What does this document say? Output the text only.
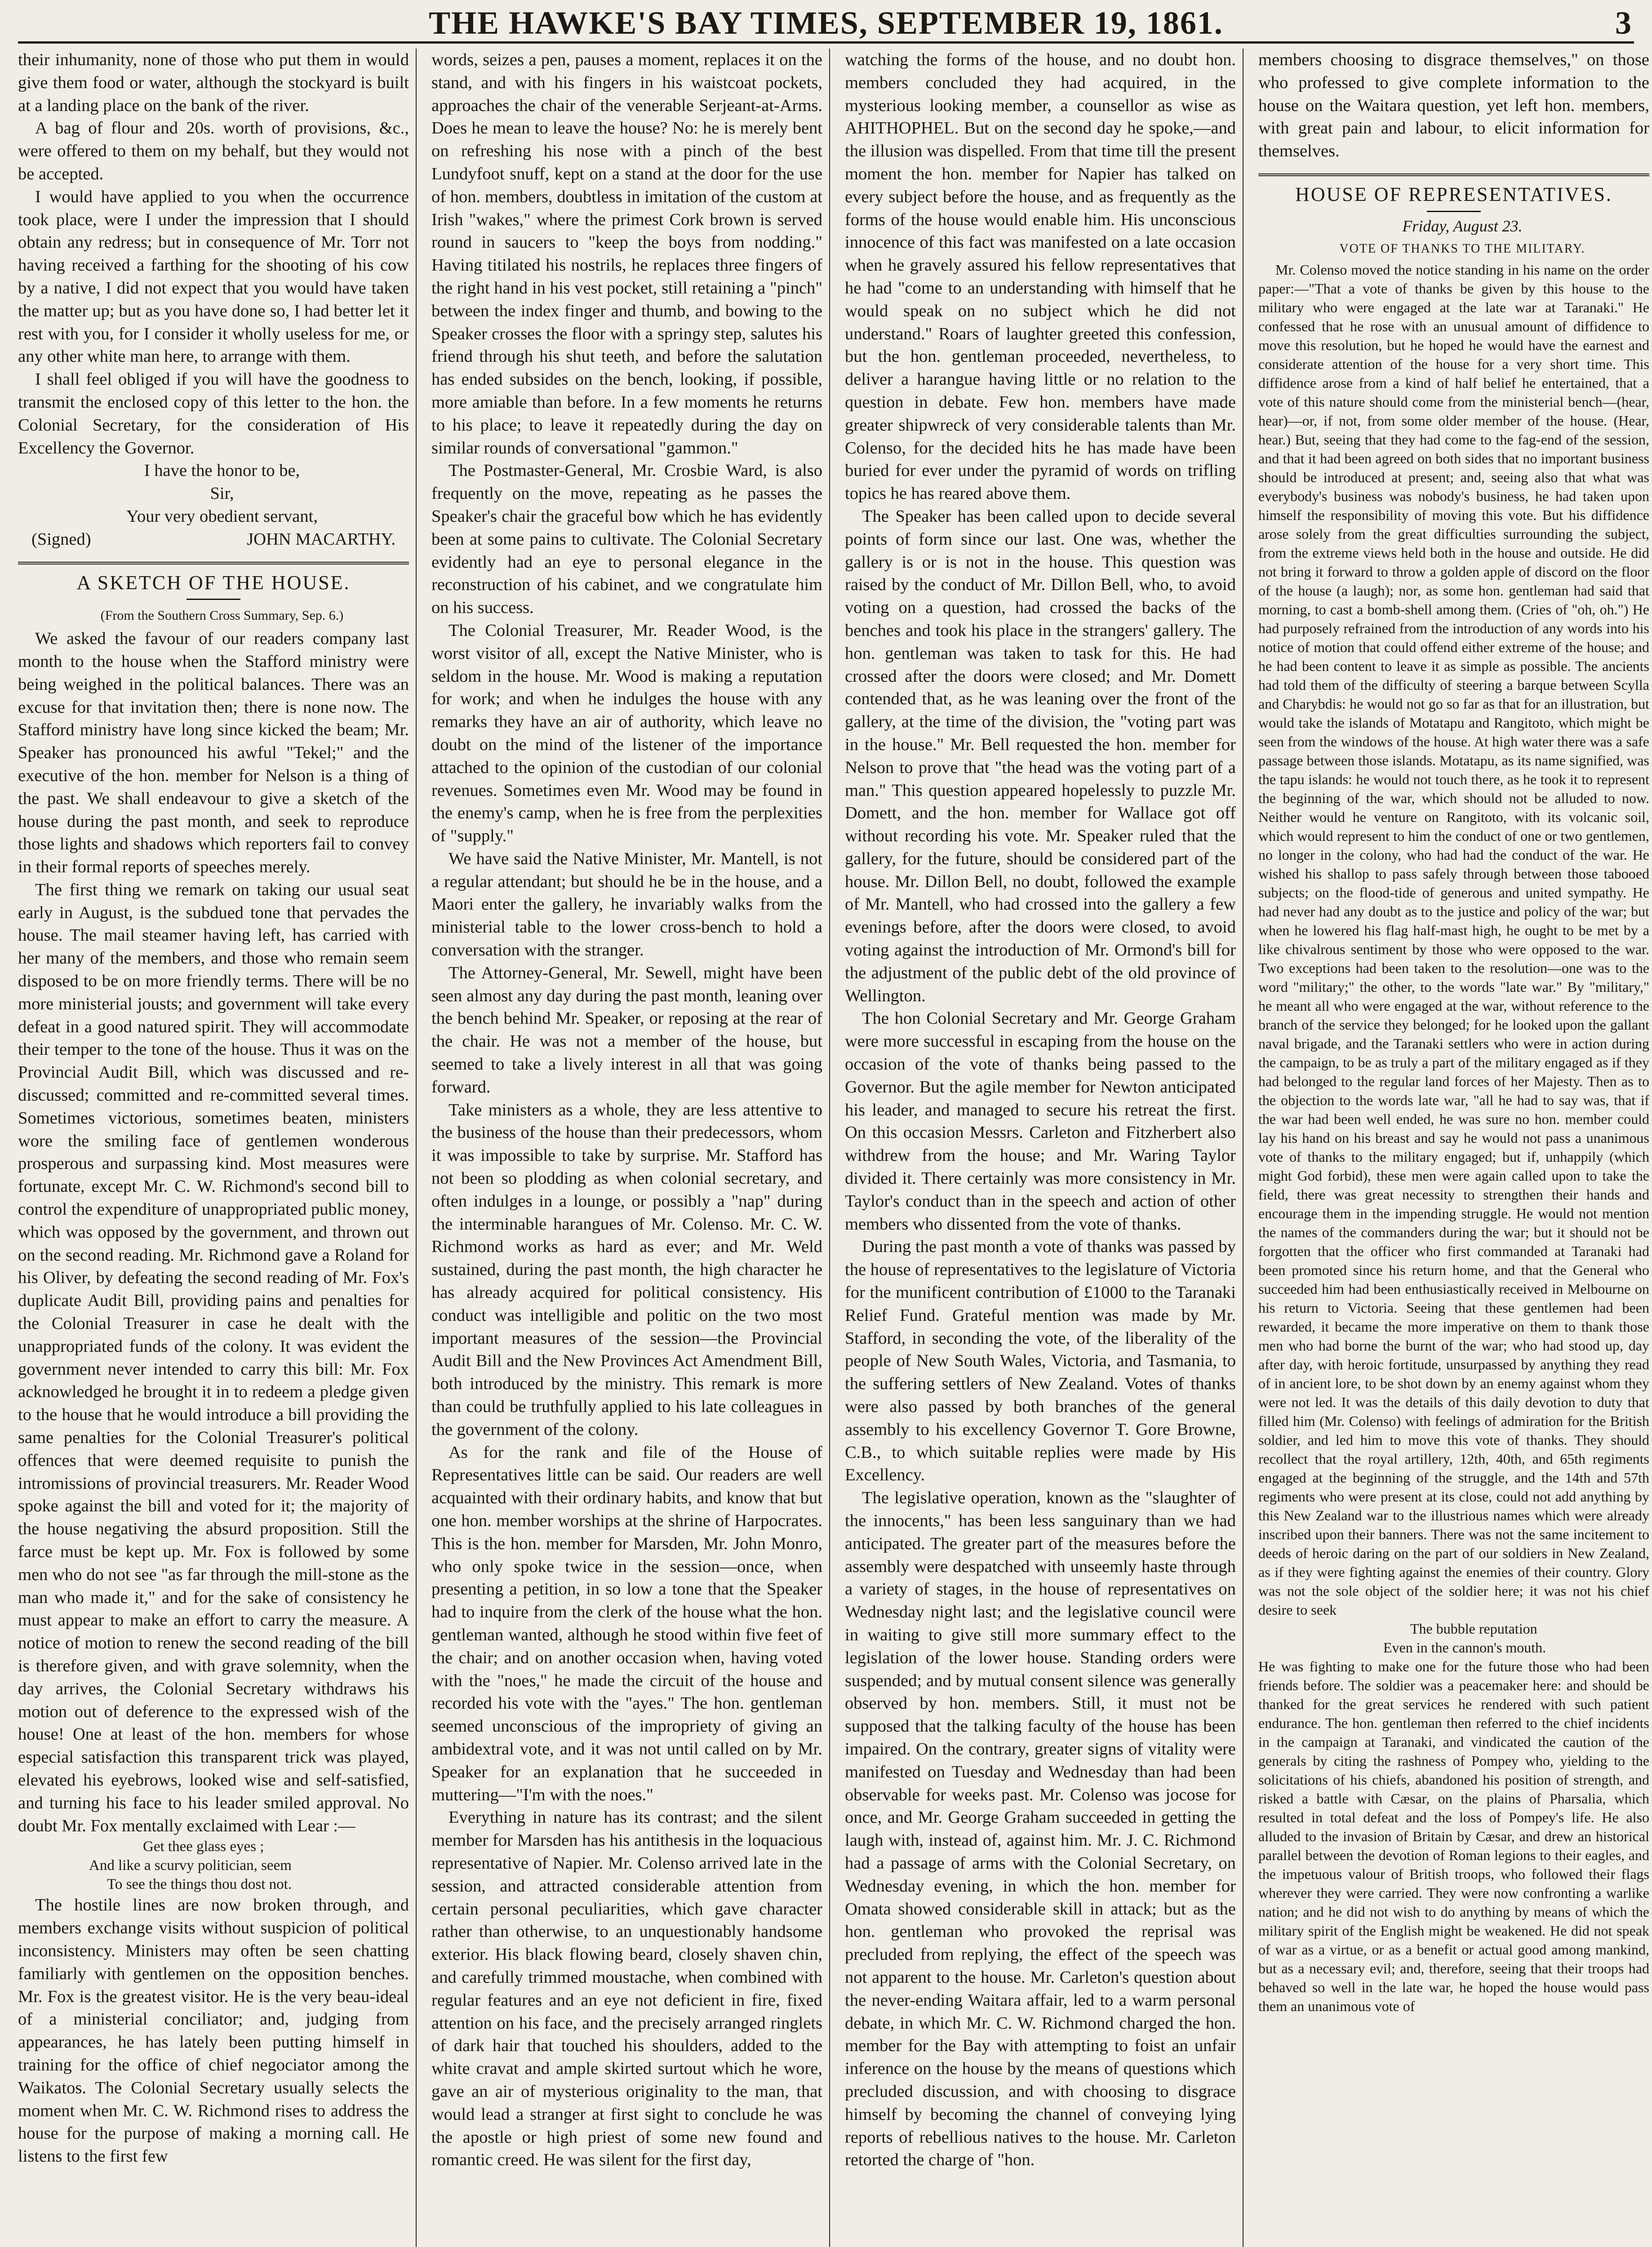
THE HAWKE'S BAY TIMES, SEPTEMBER 19, 1861.	3

their inhumanity, none of those who put them in would give them food or water, although the stockyard is built at a landing place on the bank of the river.

A bag of flour and 20s. worth of provisions, &c., were offered to them on my behalf, but they would not be accepted.

I would have applied to you when the occurrence took place, were I under the impression that I should obtain any redress; but in consequence of Mr. Torr not having received a farthing for the shooting of his cow by a native, I did not expect that you would have taken the matter up; but as you have done so, I had better let it rest with you, for I consider it wholly useless for me, or any other white man here, to arrange with them.

I shall feel obliged if you will have the goodness to transmit the enclosed copy of this letter to the hon. the Colonial Secretary, for the consideration of His Excellency the Governor.

I have the honor to be,

Sir,

Your very obedient servant,

(Signed)	JOHN MACARTHY.
A SKETCH OF THE HOUSE.

(From the Southern Cross Summary, Sep. 6.)

We asked the favour of our readers company last month to the house when the Stafford ministry were being weighed in the political balances. There was an excuse for that invitation then; there is none now. The Stafford ministry have long since kicked the beam; Mr. Speaker has pronounced his awful "Tekel;" and the executive of the hon. member for Nelson is a thing of the past. We shall endeavour to give a sketch of the house during the past month, and seek to reproduce those lights and shadows which reporters fail to convey in their formal reports of speeches merely.

The first thing we remark on taking our usual seat early in August, is the subdued tone that pervades the house. The mail steamer having left, has carried with her many of the members, and those who remain seem disposed to be on more friendly terms. There will be no more ministerial jousts; and government will take every defeat in a good natured spirit. They will accommodate their temper to the tone of the house. Thus it was on the Provincial Audit Bill, which was discussed and re-discussed; committed and re-committed several times. Sometimes victorious, sometimes beaten, ministers wore the smiling face of gentlemen wonderous prosperous and surpassing kind. Most measures were fortunate, except Mr. C. W. Richmond's second bill to control the expenditure of unappropriated public money, which was opposed by the government, and thrown out on the second reading. Mr. Richmond gave a Roland for his Oliver, by defeating the second reading of Mr. Fox's duplicate Audit Bill, providing pains and penalties for the Colonial Treasurer in case he dealt with the unappropriated funds of the colony. It was evident the government never intended to carry this bill: Mr. Fox acknowledged he brought it in to redeem a pledge given to the house that he would introduce a bill providing the same penalties for the Colonial Treasurer's political offences that were deemed requisite to punish the intromissions of provincial treasurers. Mr. Reader Wood spoke against the bill and voted for it; the majority of the house negativing the absurd proposition. Still the farce must be kept up. Mr. Fox is followed by some men who do not see "as far through the mill-stone as the man who made it," and for the sake of consistency he must appear to make an effort to carry the measure. A notice of motion to renew the second reading of the bill is therefore given, and with grave solemnity, when the day arrives, the Colonial Secretary withdraws his motion out of deference to the expressed wish of the house! One at least of the hon. members for whose especial satisfaction this transparent trick was played, elevated his eyebrows, looked wise and self-satisfied, and turning his face to his leader smiled approval. No doubt Mr. Fox mentally exclaimed with Lear :—

Get thee glass eyes ;

And like a scurvy politician, seem

To see the things thou dost not.

The hostile lines are now broken through, and members exchange visits without suspicion of political inconsistency. Ministers may often be seen chatting familiarly with gentlemen on the opposition benches. Mr. Fox is the greatest visitor. He is the very beau-ideal of a ministerial conciliator; and, judging from appearances, he has lately been putting himself in training for the office of chief negociator among the Waikatos. The Colonial Secretary usually selects the moment when Mr. C. W. Richmond rises to address the house for the purpose of making a morning call. He listens to the first few

words, seizes a pen, pauses a moment, replaces it on the stand, and with his fingers in his waistcoat pockets, approaches the chair of the venerable Serjeant-at-Arms. Does he mean to leave the house? No: he is merely bent on refreshing his nose with a pinch of the best Lundyfoot snuff, kept on a stand at the door for the use of hon. members, doubtless in imitation of the custom at Irish "wakes," where the primest Cork brown is served round in saucers to "keep the boys from nodding." Having titilated his nostrils, he replaces three fingers of the right hand in his vest pocket, still retaining a "pinch" between the index finger and thumb, and bowing to the Speaker crosses the floor with a springy step, salutes his friend through his shut teeth, and before the salutation has ended subsides on the bench, looking, if possible, more amiable than before. In a few moments he returns to his place; to leave it repeatedly during the day on similar rounds of conversational "gammon."

The Postmaster-General, Mr. Crosbie Ward, is also frequently on the move, repeating as he passes the Speaker's chair the graceful bow which he has evidently been at some pains to cultivate. The Colonial Secretary evidently had an eye to personal elegance in the reconstruction of his cabinet, and we congratulate him on his success.

The Colonial Treasurer, Mr. Reader Wood, is the worst visitor of all, except the Native Minister, who is seldom in the house. Mr. Wood is making a reputation for work; and when he indulges the house with any remarks they have an air of authority, which leave no doubt on the mind of the listener of the importance attached to the opinion of the custodian of our colonial revenues. Sometimes even Mr. Wood may be found in the enemy's camp, when he is free from the perplexities of "supply."

We have said the Native Minister, Mr. Mantell, is not a regular attendant; but should he be in the house, and a Maori enter the gallery, he invariably walks from the ministerial table to the lower cross-bench to hold a conversation with the stranger.

The Attorney-General, Mr. Sewell, might have been seen almost any day during the past month, leaning over the bench behind Mr. Speaker, or reposing at the rear of the chair. He was not a member of the house, but seemed to take a lively interest in all that was going forward.

Take ministers as a whole, they are less attentive to the business of the house than their predecessors, whom it was impossible to take by surprise. Mr. Stafford has not been so plodding as when colonial secretary, and often indulges in a lounge, or possibly a "nap" during the interminable harangues of Mr. Colenso. Mr. C. W. Richmond works as hard as ever; and Mr. Weld sustained, during the past month, the high character he has already acquired for political consistency. His conduct was intelligible and politic on the two most important measures of the session—the Provincial Audit Bill and the New Provinces Act Amendment Bill, both introduced by the ministry. This remark is more than could be truthfully applied to his late colleagues in the government of the colony.

As for the rank and file of the House of Representatives little can be said. Our readers are well acquainted with their ordinary habits, and know that but one hon. member worships at the shrine of Harpocrates. This is the hon. member for Marsden, Mr. John Monro, who only spoke twice in the session—once, when presenting a petition, in so low a tone that the Speaker had to inquire from the clerk of the house what the hon. gentleman wanted, although he stood within five feet of the chair; and on another occasion when, having voted with the "noes," he made the circuit of the house and recorded his vote with the "ayes." The hon. gentleman seemed unconscious of the impropriety of giving an ambidextral vote, and it was not until called on by Mr. Speaker for an explanation that he succeeded in muttering—"I'm with the noes."

Everything in nature has its contrast; and the silent member for Marsden has his antithesis in the loquacious representative of Napier. Mr. Colenso arrived late in the session, and attracted considerable attention from certain personal peculiarities, which gave character rather than otherwise, to an unquestionably handsome exterior. His black flowing beard, closely shaven chin, and carefully trimmed moustache, when combined with regular features and an eye not deficient in fire, fixed attention on his face, and the precisely arranged ringlets of dark hair that touched his shoulders, added to the white cravat and ample skirted surtout which he wore, gave an air of mysterious originality to the man, that would lead a stranger at first sight to conclude he was the apostle or high priest of some new found and romantic creed. He was silent for the first day,

watching the forms of the house, and no doubt hon. members concluded they had acquired, in the mysterious looking member, a counsellor as wise as AHITHOPHEL. But on the second day he spoke,—and the illusion was dispelled. From that time till the present moment the hon. member for Napier has talked on every subject before the house, and as frequently as the forms of the house would enable him. His unconscious innocence of this fact was manifested on a late occasion when he gravely assured his fellow representatives that he had "come to an understanding with himself that he would speak on no subject which he did not understand." Roars of laughter greeted this confession, but the hon. gentleman proceeded, nevertheless, to deliver a harangue having little or no relation to the question in debate. Few hon. members have made greater shipwreck of very considerable talents than Mr. Colenso, for the decided hits he has made have been buried for ever under the pyramid of words on trifling topics he has reared above them.

The Speaker has been called upon to decide several points of form since our last. One was, whether the gallery is or is not in the house. This question was raised by the conduct of Mr. Dillon Bell, who, to avoid voting on a question, had crossed the backs of the benches and took his place in the strangers' gallery. The hon. gentleman was taken to task for this. He had crossed after the doors were closed; and Mr. Domett contended that, as he was leaning over the front of the gallery, at the time of the division, the "voting part was in the house." Mr. Bell requested the hon. member for Nelson to prove that "the head was the voting part of a man." This question appeared hopelessly to puzzle Mr. Domett, and the hon. member for Wallace got off without recording his vote. Mr. Speaker ruled that the gallery, for the future, should be considered part of the house. Mr. Dillon Bell, no doubt, followed the example of Mr. Mantell, who had crossed into the gallery a few evenings before, after the doors were closed, to avoid voting against the introduction of Mr. Ormond's bill for the adjustment of the public debt of the old province of Wellington.

The hon Colonial Secretary and Mr. George Graham were more successful in escaping from the house on the occasion of the vote of thanks being passed to the Governor. But the agile member for Newton anticipated his leader, and managed to secure his retreat the first. On this occasion Messrs. Carleton and Fitzherbert also withdrew from the house; and Mr. Waring Taylor divided it. There certainly was more consistency in Mr. Taylor's conduct than in the speech and action of other members who dissented from the vote of thanks.

During the past month a vote of thanks was passed by the house of representatives to the legislature of Victoria for the munificent contribution of £1000 to the Taranaki Relief Fund. Grateful mention was made by Mr. Stafford, in seconding the vote, of the liberality of the people of New South Wales, Victoria, and Tasmania, to the suffering settlers of New Zealand. Votes of thanks were also passed by both branches of the general assembly to his excellency Governor T. Gore Browne, C.B., to which suitable replies were made by His Excellency.

The legislative operation, known as the "slaughter of the innocents," has been less sanguinary than we had anticipated. The greater part of the measures before the assembly were despatched with unseemly haste through a variety of stages, in the house of representatives on Wednesday night last; and the legislative council were in waiting to give still more summary effect to the legislation of the lower house. Standing orders were suspended; and by mutual consent silence was generally observed by hon. members. Still, it must not be supposed that the talking faculty of the house has been impaired. On the contrary, greater signs of vitality were manifested on Tuesday and Wednesday than had been observable for weeks past. Mr. Colenso was jocose for once, and Mr. George Graham succeeded in getting the laugh with, instead of, against him. Mr. J. C. Richmond had a passage of arms with the Colonial Secretary, on Wednesday evening, in which the hon. member for Omata showed considerable skill in attack; but as the hon. gentleman who provoked the reprisal was precluded from replying, the effect of the speech was not apparent to the house. Mr. Carleton's question about the never-ending Waitara affair, led to a warm personal debate, in which Mr. C. W. Richmond charged the hon. member for the Bay with attempting to foist an unfair inference on the house by the means of questions which precluded discussion, and with choosing to disgrace himself by becoming the channel of conveying lying reports of rebellious natives to the house. Mr. Carleton retorted the charge of "hon.

members choosing to disgrace themselves," on those who professed to give complete information to the house on the Waitara question, yet left hon. members, with great pain and labour, to elicit information for themselves.

HOUSE OF REPRESENTATIVES.

Friday, August 23.

VOTE OF THANKS TO THE MILITARY.

Mr. Colenso moved the notice standing in his name on the order paper:—"That a vote of thanks be given by this house to the military who were engaged at the late war at Taranaki." He confessed that he rose with an unusual amount of diffidence to move this resolution, but he hoped he would have the earnest and considerate attention of the house for a very short time. This diffidence arose from a kind of half belief he entertained, that a vote of this nature should come from the ministerial bench—(hear, hear)—or, if not, from some older member of the house. (Hear, hear.) But, seeing that they had come to the fag-end of the session, and that it had been agreed on both sides that no important business should be introduced at present; and, seeing also that what was everybody's business was nobody's business, he had taken upon himself the responsibility of moving this vote. But his diffidence arose solely from the great difficulties surrounding the subject, from the extreme views held both in the house and outside. He did not bring it forward to throw a golden apple of discord on the floor of the house (a laugh); nor, as some hon. gentleman had said that morning, to cast a bomb-shell among them. (Cries of "oh, oh.") He had purposely refrained from the introduction of any words into his notice of motion that could offend either extreme of the house; and he had been content to leave it as simple as possible. The ancients had told them of the difficulty of steering a barque between Scylla and Charybdis: he would not go so far as that for an illustration, but would take the islands of Motatapu and Rangitoto, which might be seen from the windows of the house. At high water there was a safe passage between those islands. Motatapu, as its name signified, was the tapu islands: he would not touch there, as he took it to represent the beginning of the war, which should not be alluded to now. Neither would he venture on Rangitoto, with its volcanic soil, which would represent to him the conduct of one or two gentlemen, no longer in the colony, who had had the conduct of the war. He wished his shallop to pass safely through between those tabooed subjects; on the flood-tide of generous and united sympathy. He had never had any doubt as to the justice and policy of the war; but when he lowered his flag half-mast high, he ought to be met by a like chivalrous sentiment by those who were opposed to the war. Two exceptions had been taken to the resolution—one was to the word "military;" the other, to the words "late war." By "military," he meant all who were engaged at the war, without reference to the branch of the service they belonged; for he looked upon the gallant naval brigade, and the Taranaki settlers who were in action during the campaign, to be as truly a part of the military engaged as if they had belonged to the regular land forces of her Majesty. Then as to the objection to the words late war, "all he had to say was, that if the war had been well ended, he was sure no hon. member could lay his hand on his breast and say he would not pass a unanimous vote of thanks to the military engaged; but if, unhappily (which might God forbid), these men were again called upon to take the field, there was great necessity to strengthen their hands and encourage them in the impending struggle. He would not mention the names of the commanders during the war; but it should not be forgotten that the officer who first commanded at Taranaki had been promoted since his return home, and that the General who succeeded him had been enthusiastically received in Melbourne on his return to Victoria. Seeing that these gentlemen had been rewarded, it became the more imperative on them to thank those men who had borne the burnt of the war; who had stood up, day after day, with heroic fortitude, unsurpassed by anything they read of in ancient lore, to be shot down by an enemy against whom they were not led. It was the details of this daily devotion to duty that filled him (Mr. Colenso) with feelings of admiration for the British soldier, and led him to move this vote of thanks. They should recollect that the royal artillery, 12th, 40th, and 65th regiments engaged at the beginning of the struggle, and the 14th and 57th regiments who were present at its close, could not add anything by this New Zealand war to the illustrious names which were already inscribed upon their banners. There was not the same incitement to deeds of heroic daring on the part of our soldiers in New Zealand, as if they were fighting against the enemies of their country. Glory was not the sole object of the soldier here; it was not his chief desire to seek

The bubble reputation

Even in the cannon's mouth.

He was fighting to make one for the future those who had been friends before. The soldier was a peacemaker here: and should be thanked for the great services he rendered with such patient endurance. The hon. gentleman then referred to the chief incidents in the campaign at Taranaki, and vindicated the caution of the generals by citing the rashness of Pompey who, yielding to the solicitations of his chiefs, abandoned his position of strength, and risked a battle with Cæsar, on the plains of Pharsalia, which resulted in total defeat and the loss of Pompey's life. He also alluded to the invasion of Britain by Cæsar, and drew an historical parallel between the devotion of Roman legions to their eagles, and the impetuous valour of British troops, who followed their flags wherever they were carried. They were now confronting a warlike nation; and he did not wish to do anything by means of which the military spirit of the English might be weakened. He did not speak of war as a virtue, or as a benefit or actual good among mankind, but as a necessary evil; and, therefore, seeing that their troops had behaved so well in the late war, he hoped the house would pass them an unanimous vote of
